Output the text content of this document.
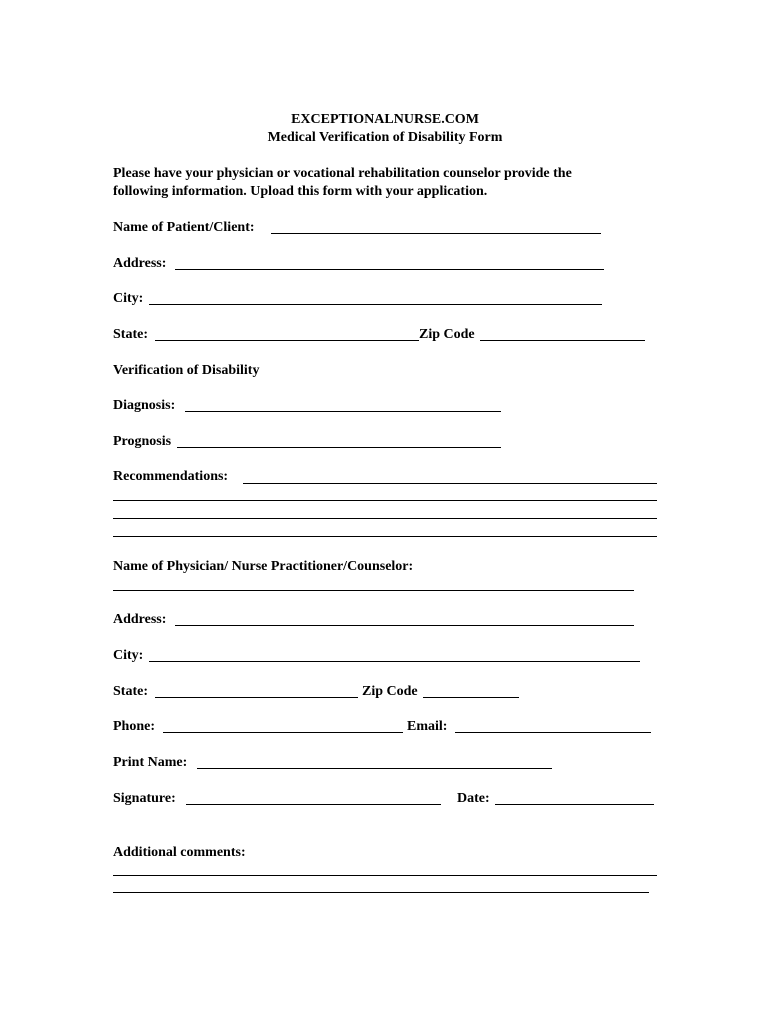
EXCEPTIONALNURSE.COM
Medical Verification of Disability Form
Please have your physician or vocational rehabilitation counselor provide the
following information. Upload this form with your application.
Name of Patient/Client:
Address:
City:
State:	Zip Code
Verification of Disability
Diagnosis:
Prognosis
Recommendations:
Name of Physician/ Nurse Practitioner/Counselor:
Address:
City:
State:	Zip Code
Phone:	Email:
Print Name:
Signature:	Date:
Additional comments:
